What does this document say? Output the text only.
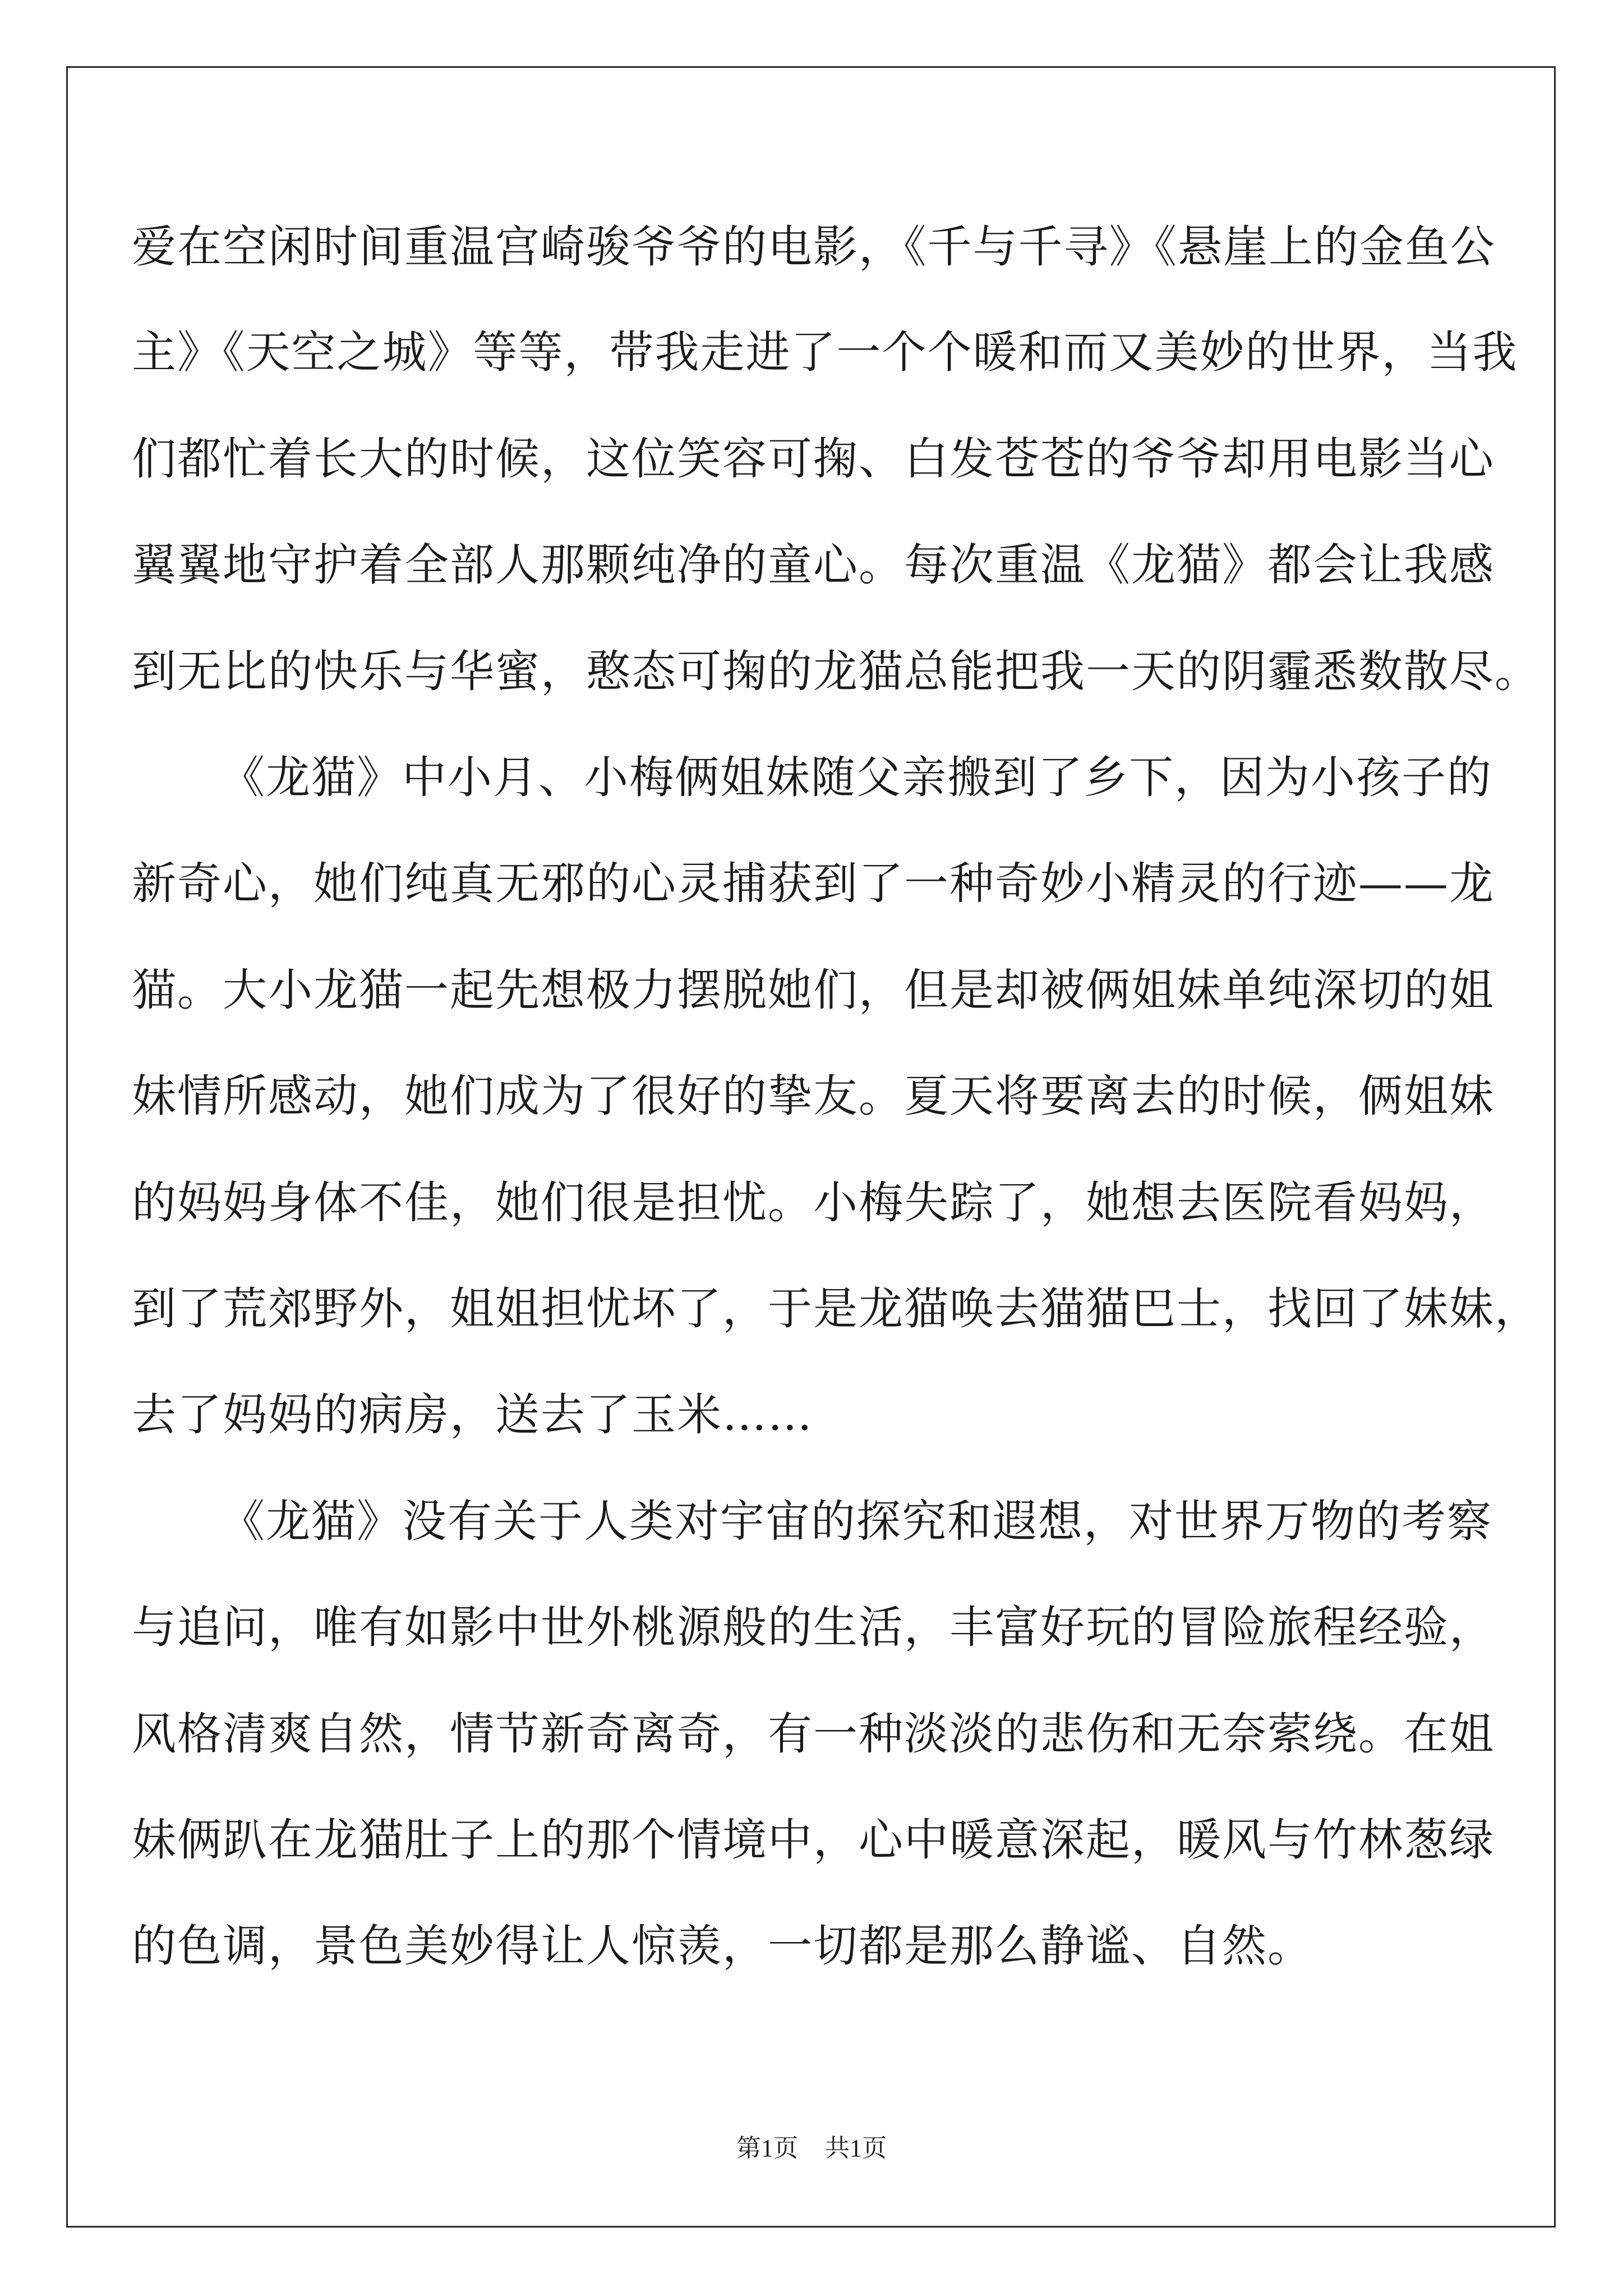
爱在空闲时间重温宫崎骏爷爷的电影，《千与千寻》《悬崖上的金鱼公
主》《天空之城》等等，带我走进了一个个暖和而又美妙的世界，当我
们都忙着长大的时候，这位笑容可掬、白发苍苍的爷爷却用电影当心
翼翼地守护着全部人那颗纯净的童心。每次重温《龙猫》都会让我感
到无比的快乐与华蜜，憨态可掬的龙猫总能把我一天的阴霾悉数散尽。
《龙猫》中小月、小梅俩姐妹随父亲搬到了乡下，因为小孩子的
新奇心，她们纯真无邪的心灵捕获到了一种奇妙小精灵的行迹——龙
猫。大小龙猫一起先想极力摆脱她们，但是却被俩姐妹单纯深切的姐
妹情所感动，她们成为了很好的挚友。夏天将要离去的时候，俩姐妹
的妈妈身体不佳，她们很是担忧。小梅失踪了，她想去医院看妈妈，
到了荒郊野外，姐姐担忧坏了，于是龙猫唤去猫猫巴士，找回了妹妹，
去了妈妈的病房，送去了玉米……
《龙猫》没有关于人类对宇宙的探究和遐想，对世界万物的考察
与追问，唯有如影中世外桃源般的生活，丰富好玩的冒险旅程经验，
风格清爽自然，情节新奇离奇，有一种淡淡的悲伤和无奈萦绕。在姐
妹俩趴在龙猫肚子上的那个情境中，心中暖意深起，暖风与竹林葱绿
的色调，景色美妙得让人惊羡，一切都是那么静谧、自然。
第1页 共1页
